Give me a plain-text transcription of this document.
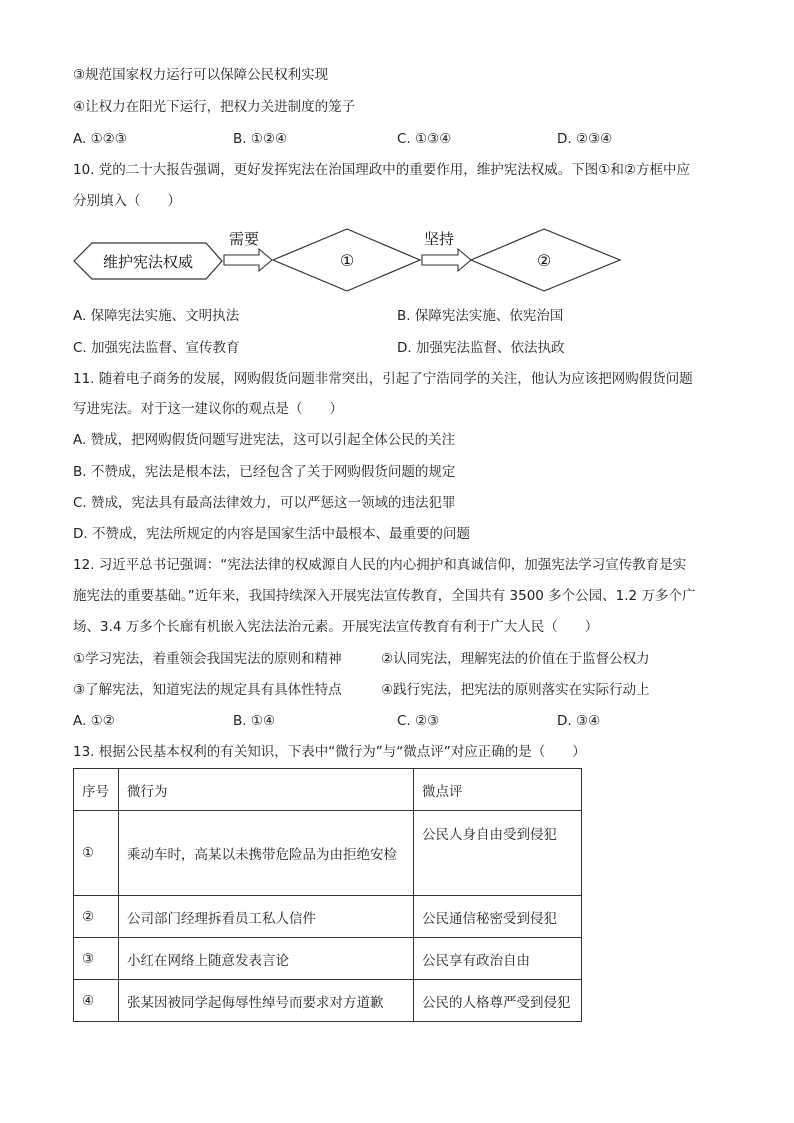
③规范国家权力运行可以保障公民权利实现
④让权力在阳光下运行，把权力关进制度的笼子
A. ①②③	B. ①②④	C. ①③④	D. ②③④
10. 党的二十大报告强调，更好发挥宪法在治国理政中的重要作用，维护宪法权威。下图①和②方框中应
分别填入（　　）
维护宪法权威
需要
①
坚持
②
A. 保障宪法实施、文明执法	B. 保障宪法实施、依宪治国
C. 加强宪法监督、宣传教育	D. 加强宪法监督、依法执政
11. 随着电子商务的发展，网购假货问题非常突出，引起了宁浩同学的关注，他认为应该把网购假货问题
写进宪法。对于这一建议你的观点是（　　）
A. 赞成，把网购假货问题写进宪法，这可以引起全体公民的关注
B. 不赞成，宪法是根本法，已经包含了关于网购假货问题的规定
C. 赞成，宪法具有最高法律效力，可以严惩这一领域的违法犯罪
D. 不赞成，宪法所规定的内容是国家生活中最根本、最重要的问题
12. 习近平总书记强调：“宪法法律的权威源自人民的内心拥护和真诚信仰，加强宪法学习宣传教育是实
施宪法的重要基础。”近年来，我国持续深入开展宪法宣传教育，全国共有 3500 多个公园、1.2 万多个广
场、3.4 万多个长廊有机嵌入宪法法治元素。开展宪法宣传教育有利于广大人民（　　）
①学习宪法，着重领会我国宪法的原则和精神	②认同宪法，理解宪法的价值在于监督公权力
③了解宪法，知道宪法的规定具有具体性特点	④践行宪法，把宪法的原则落实在实际行动上
A. ①②	B. ①④	C. ②③	D. ③④
13. 根据公民基本权利的有关知识，下表中“微行为”与“微点评”对应正确的是（　　）
序号	微行为	微点评
①	乘动车时，高某以未携带危险品为由拒绝安检	公民人身自由受到侵犯
②	公司部门经理拆看员工私人信件	公民通信秘密受到侵犯
③	小红在网络上随意发表言论	公民享有政治自由
④	张某因被同学起侮辱性绰号而要求对方道歉	公民的人格尊严受到侵犯
